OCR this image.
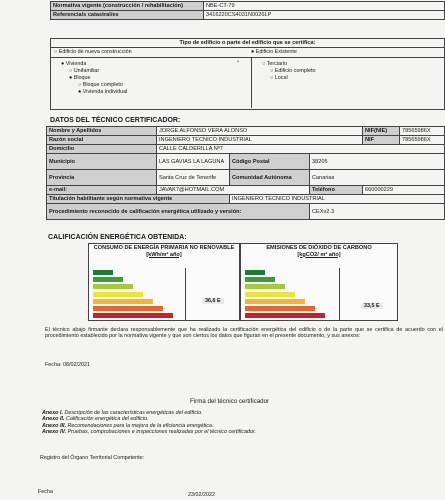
Normativa vigente (construcción / rehabilitación)	NBE-CT-79
Referencia/s catastral/es	3416220CS4031N0026LP
Tipo de edificio o parte del edificio que se certifica:
○ Edificio de nueva construcción	● Edificio Existente
⌄
● Vivienda
○ Unifamiliar
● Bloque
○ Bloque completo
● Vivienda individual
○ Terciario
○ Edificio completo
○ Local
DATOS DEL TÉCNICO CERTIFICADOR:
Nombre y Apellidos	JORGE ALFONSO VERA ALONSO			NIF(NIE)	78565986X
Razón social	INGENIERO TECNICO INDUSTRIAL			NIF	78565986X
Domicilio	CALLE CALDERILLA Nº7				
Municipio	LAS GAVIAS LA LAGUNA	Código Postal	38205		
Provincia	Santa Cruz de Tenerife	Comunidad Autónoma	Canarias		
e-mail:	JAVAK7@HOTMAIL.COM		Teléfono	660000229	
Titulación habilitante según normativa vigente		INGENIERO TECNICO INDUSTRIAL			
Procedimiento reconocido de calificación energética utilizado y versión:			CEXv2.3		
CALIFICACIÓN ENERGÉTICA OBTENIDA:
CONSUMO DE ENERGÍA PRIMARIA NO RENOVABLE
[kWh/m² año]
36,6 E
EMISIONES DE DIÓXIDO DE CARBONO
[kgCO2/ m² año]
33,5 E
El técnico abajo firmante declara responsablemente que ha realizado la certificación energética del edificio o de la parte que se certifica de acuerdo con el procedimiento establecido por la normativa vigente y que son ciertos los datos que figuran en el presente documento, y sus anexos:
Fecha: 08/02/2021
Firma del técnico certificador
Anexo I. Descripción de las características energéticas del edificio.
Anexo II. Calificación energética del edificio.
Anexo III. Recomendaciones para la mejora de la eficiencia energética.
Anexo IV. Pruebas, comprobaciones e inspecciones realizadas por el técnico certificador.
Registro del Órgano Territorial Competente:
Fecha	23/02/2022
